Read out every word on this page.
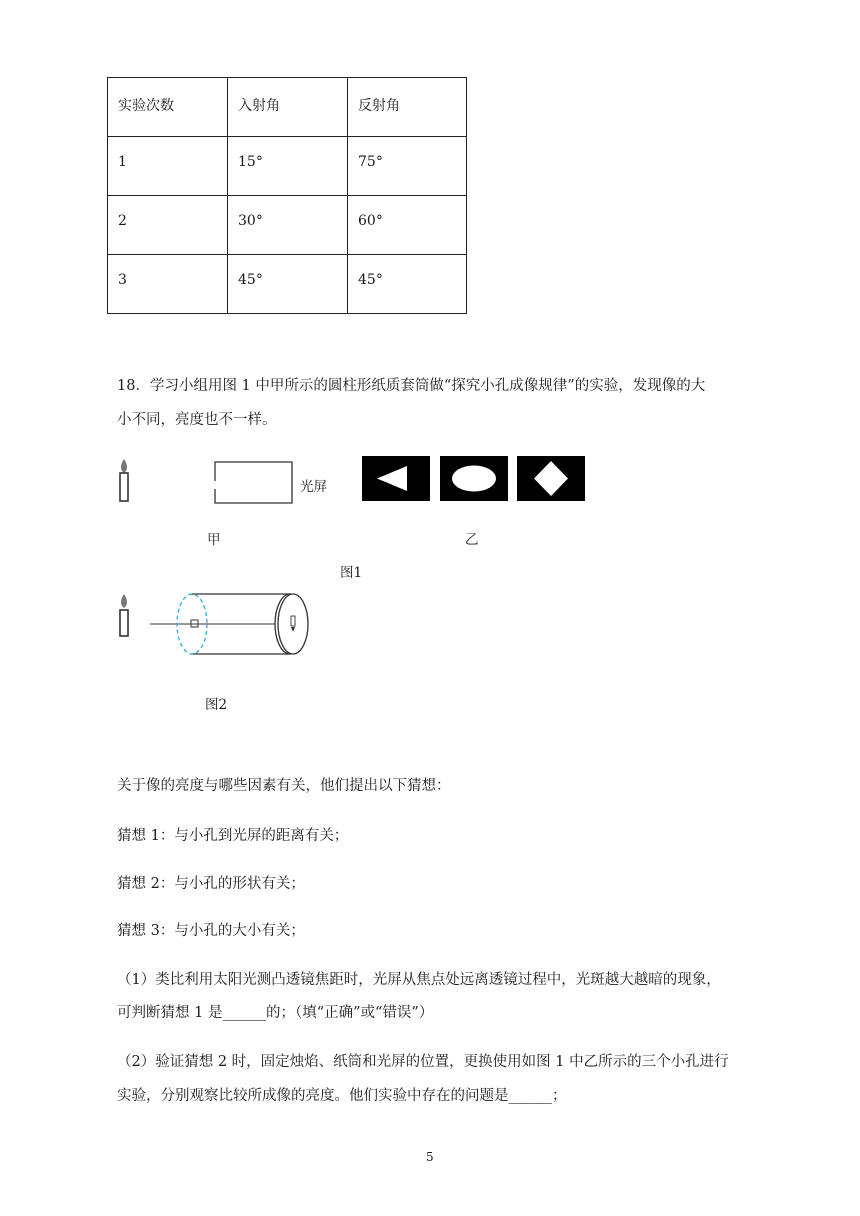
实验次数	入射角	反射角
1	15°	75°
2	30°	60°
3	45°	45°
18．学习小组用图 1 中甲所示的圆柱形纸质套筒做“探究小孔成像规律”的实验，发现像的大
小不同，亮度也不一样。
光屏
甲	乙
图1
图2
关于像的亮度与哪些因素有关，他们提出以下猜想：
猜想 1：与小孔到光屏的距离有关；
猜想 2：与小孔的形状有关；
猜想 3：与小孔的大小有关；
（1）类比利用太阳光测凸透镜焦距时，光屏从焦点处远离透镜过程中，光斑越大越暗的现象，
可判断猜想 1 是______的；（填“正确”或“错误”）
（2）验证猜想 2 时，固定烛焰、纸筒和光屏的位置，更换使用如图 1 中乙所示的三个小孔进行
实验，分别观察比较所成像的亮度。他们实验中存在的问题是______；
5
